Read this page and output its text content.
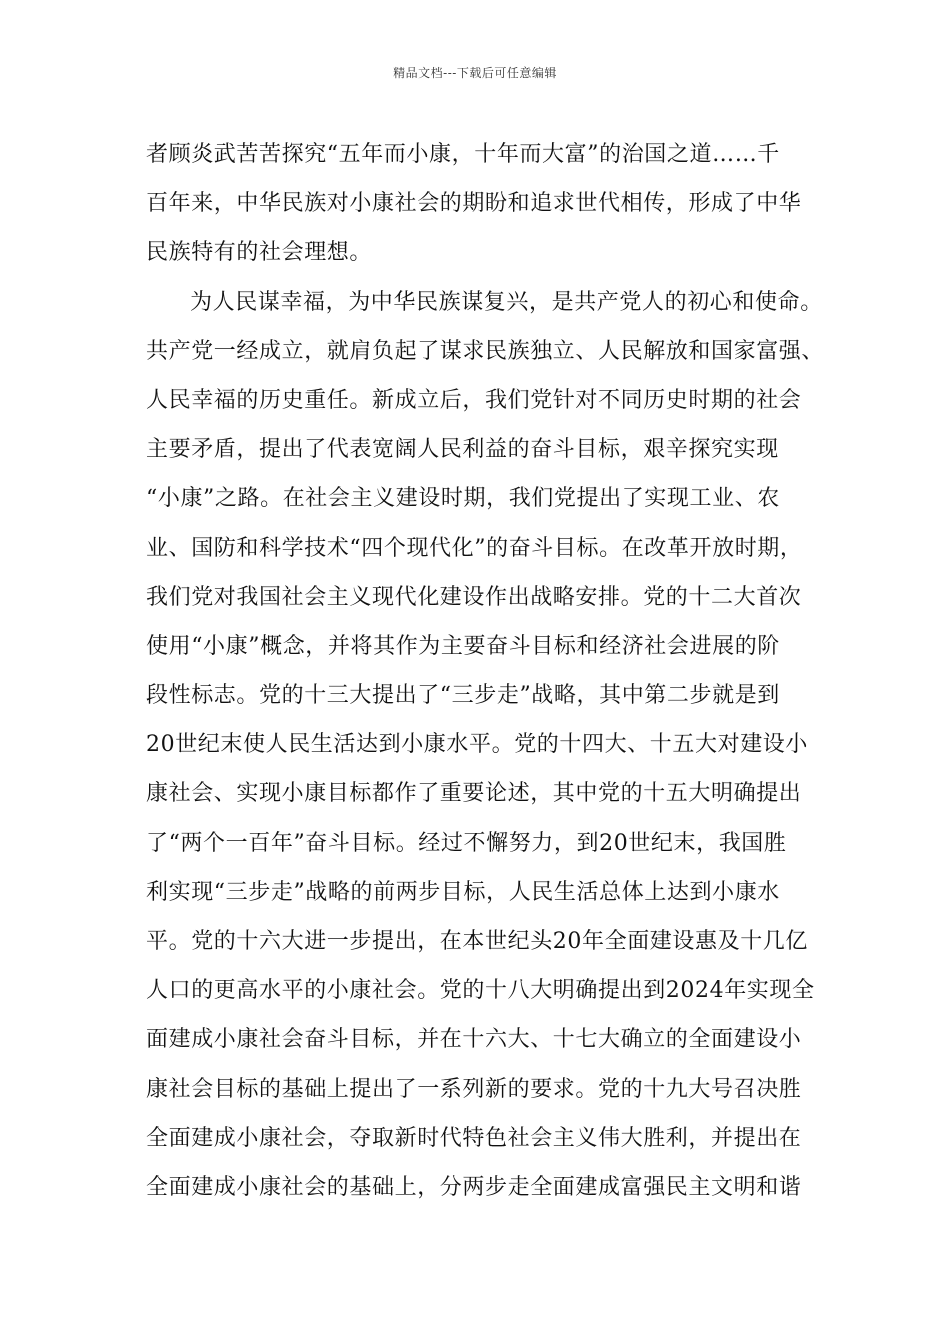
精品文档---下载后可任意编辑
者顾炎武苦苦探究“五年而小康，十年而大富”的治国之道……千
百年来，中华民族对小康社会的期盼和追求世代相传，形成了中华
民族特有的社会理想。
为人民谋幸福，为中华民族谋复兴，是共产党人的初心和使命。
共产党一经成立，就肩负起了谋求民族独立、人民解放和国家富强、
人民幸福的历史重任。新成立后，我们党针对不同历史时期的社会
主要矛盾，提出了代表宽阔人民利益的奋斗目标，艰辛探究实现
“小康”之路。在社会主义建设时期，我们党提出了实现工业、农
业、国防和科学技术“四个现代化”的奋斗目标。在改革开放时期，
我们党对我国社会主义现代化建设作出战略安排。党的十二大首次
使用“小康”概念，并将其作为主要奋斗目标和经济社会进展的阶
段性标志。党的十三大提出了“三步走”战略，其中第二步就是到
20世纪末使人民生活达到小康水平。党的十四大、十五大对建设小
康社会、实现小康目标都作了重要论述，其中党的十五大明确提出
了“两个一百年”奋斗目标。经过不懈努力，到20世纪末，我国胜
利实现“三步走”战略的前两步目标，人民生活总体上达到小康水
平。党的十六大进一步提出，在本世纪头20年全面建设惠及十几亿
人口的更高水平的小康社会。党的十八大明确提出到2024年实现全
面建成小康社会奋斗目标，并在十六大、十七大确立的全面建设小
康社会目标的基础上提出了一系列新的要求。党的十九大号召决胜
全面建成小康社会，夺取新时代特色社会主义伟大胜利，并提出在
全面建成小康社会的基础上，分两步走全面建成富强民主文明和谐
